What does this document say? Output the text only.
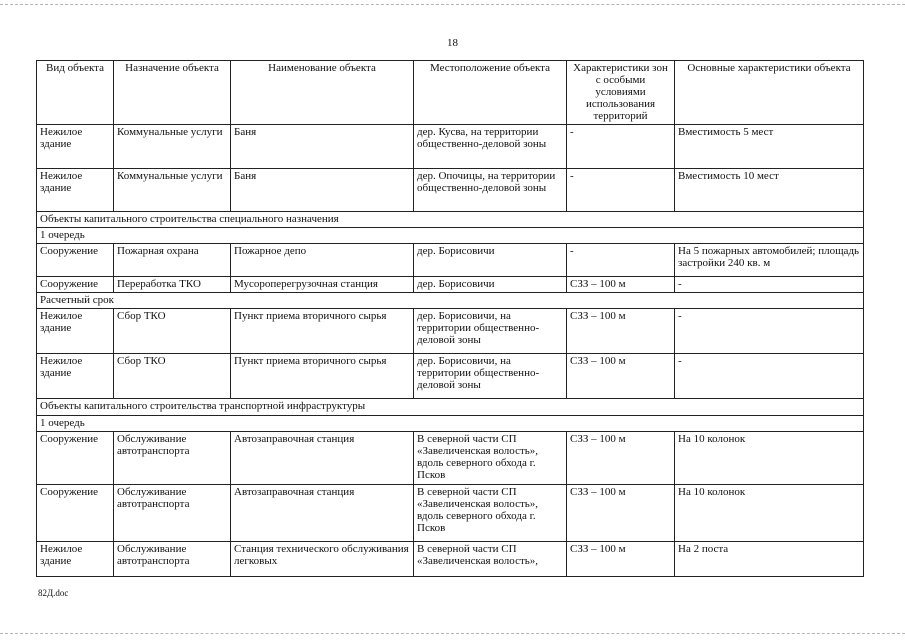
18
Вид объекта	Назначение объекта	Наименование объекта	Местоположение объекта	Характеристики зон с особыми условиями использования территорий	Основные характеристики объекта
Нежилое здание	Коммунальные услуги	Баня	дер. Кусва, на территории общественно-деловой зоны	-	Вместимость 5 мест
Нежилое здание	Коммунальные услуги	Баня	дер. Опочицы, на территории общественно-деловой зоны	-	Вместимость 10 мест
Объекты капитального строительства специального назначения					
1 очередь					
Сооружение	Пожарная охрана	Пожарное депо	дер. Борисовичи	-	На 5 пожарных автомобилей; площадь застройки 240 кв. м
Сооружение	Переработка ТКО	Мусороперегрузочная станция	дер. Борисовичи	СЗЗ – 100 м	-
Расчетный срок					
Нежилое здание	Сбор ТКО	Пункт приема вторичного сырья	дер. Борисовичи, на территории общественно-деловой зоны	СЗЗ – 100 м	-
Нежилое здание	Сбор ТКО	Пункт приема вторичного сырья	дер. Борисовичи, на территории общественно-деловой зоны	СЗЗ – 100 м	-
Объекты капитального строительства транспортной инфраструктуры					
1 очередь					
Сооружение	Обслуживание автотранспорта	Автозаправочная станция	В северной части СП «Завеличенская волость», вдоль северного обхода г. Псков	СЗЗ – 100 м	На 10 колонок
Сооружение	Обслуживание автотранспорта	Автозаправочная станция	В северной части СП «Завеличенская волость», вдоль северного обхода г. Псков	СЗЗ – 100 м	На 10 колонок
Нежилое здание	Обслуживание автотранспорта	Станция технического обслуживания легковых	В северной части СП «Завеличенская волость»,	СЗЗ – 100 м	На 2 поста
82Д.doc
